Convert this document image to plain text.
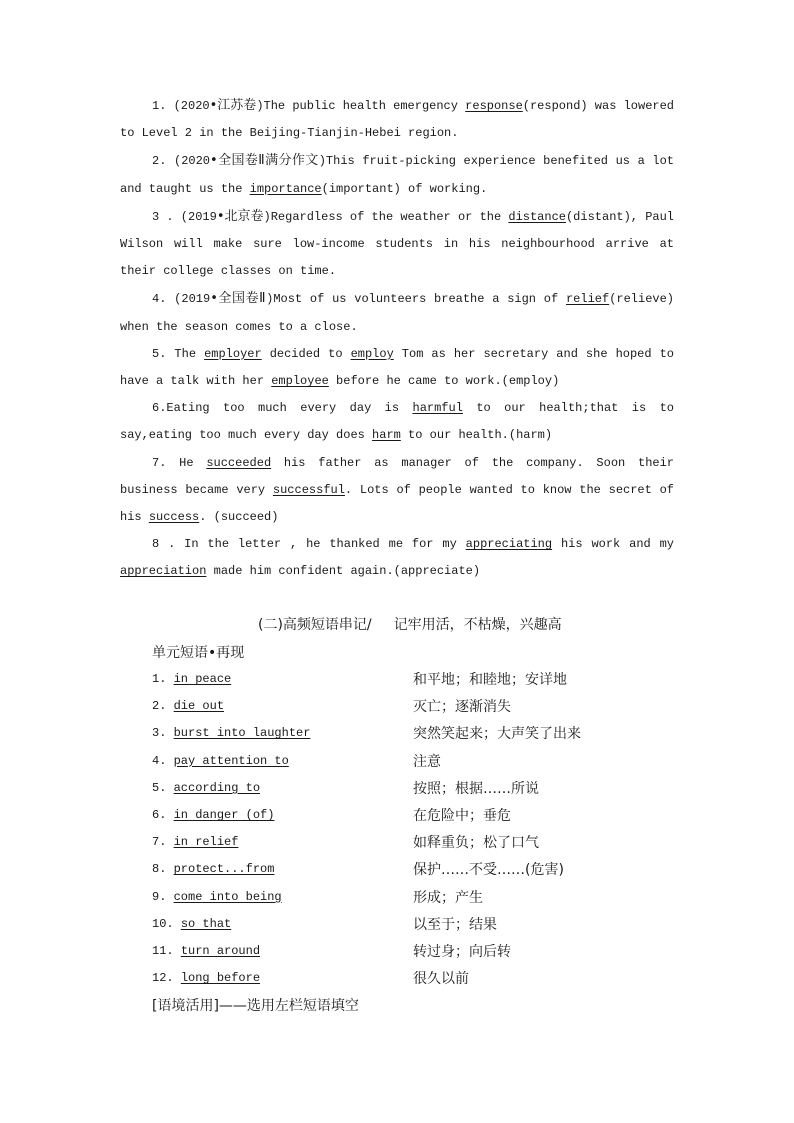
1. (2020•江苏卷)The public health emergency response(respond) was lowered to Level 2 in the Beijing-Tianjin-Hebei region.

2. (2020•全国卷Ⅱ满分作文)This fruit-picking experience benefited us a lot and taught us the importance(important) of working.

3 . (2019•北京卷)Regardless of the weather or the distance(distant), Paul Wilson will make sure low-income students in his neighbourhood arrive at their college classes on time.

4. (2019•全国卷Ⅱ)Most of us volunteers breathe a sign of relief(relieve) when the season comes to a close.

5. The employer decided to employ Tom as her secretary and she hoped to have a talk with her employee before he came to work.(employ)

6.Eating too much every day is harmful to our health;that is to say,eating too much every day does harm to our health.(harm)

7. He succeeded his father as manager of the company. Soon their business became very successful. Lots of people wanted to know the secret of his success. (succeed)

8 . In the letter , he thanked me for my appreciating his work and my appreciation made him confident again.(appreciate)

(二)高频短语串记/ 记牢用活，不枯燥，兴趣高
单元短语•再现
1. in peace	和平地；和睦地；安详地
2. die out	灭亡；逐渐消失
3. burst into laughter	突然笑起来；大声笑了出来
4. pay attention to	注意
5. according to	按照；根据……所说
6. in danger (of)	在危险中；垂危
7. in relief	如释重负；松了口气
8. protect...from	保护……不受……(危害)
9. come into being	形成；产生
10. so that	以至于；结果
11. turn around	转过身；向后转
12. long before	很久以前
[语境活用]——选用左栏短语填空
